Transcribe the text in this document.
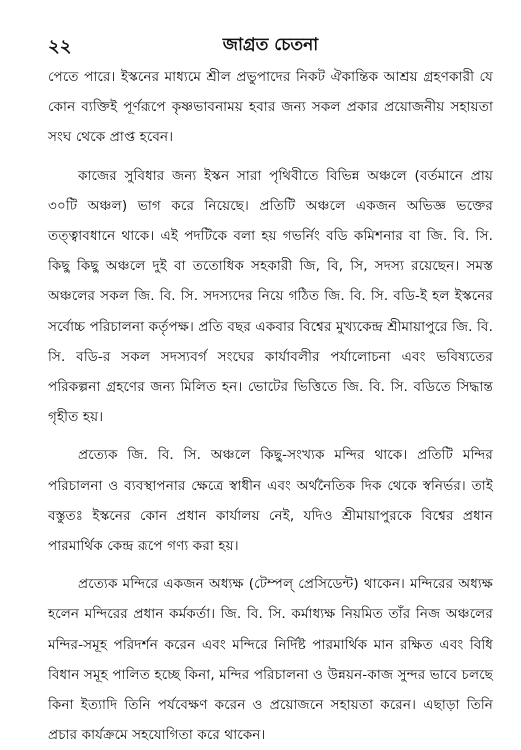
২২	জাগ্রত চেতনা

পেতে পারে। ইস্কনের মাধ্যমে শ্রীল প্রভুপাদের নিকট ঐকান্তিক আশ্রয় গ্রহণকারী যে কোন ব্যক্তিই পূর্ণরূপে কৃষ্ণভাবনাময় হবার জন্য সকল প্রকার প্রয়োজনীয় সহায়তা সংঘ থেকে প্রাপ্ত হবেন।

কাজের সুবিধার জন্য ইস্কন সারা পৃথিবীতে বিভিন্ন অঞ্চলে (বর্তমানে প্রায় ৩০টি অঞ্চল) ভাগ করে নিয়েছে। প্রতিটি অঞ্চলে একজন অভিজ্ঞ ভক্তের তত্ত্বাবধানে থাকে। এই পদটিকে বলা হয় গভর্নিং বডি কমিশনার বা জি. বি. সি. কিছু কিছু অঞ্চলে দুই বা ততোধিক সহকারী জি, বি, সি, সদস্য রয়েছেন। সমস্ত অঞ্চলের সকল জি. বি. সি. সদস্যদের নিয়ে গঠিত জি. বি. সি. বডি-ই হল ইস্কনের সর্বোচ্চ পরিচালনা কর্তৃপক্ষ। প্রতি বছর একবার বিশ্বের মুখ্যকেন্দ্র শ্রীমায়াপুরে জি. বি. সি. বডি-র সকল সদস্যবর্গ সংঘের কার্যাবলীর পর্যালোচনা এবং ভবিষ্যতের পরিকল্পনা গ্রহণের জন্য মিলিত হন। ভোটের ভিত্তিতে জি. বি. সি. বডিতে সিদ্ধান্ত গৃহীত হয়।

প্রত্যেক জি. বি. সি. অঞ্চলে কিছু-সংখ্যক মন্দির থাকে। প্রতিটি মন্দির পরিচালনা ও ব্যবস্থাপনার ক্ষেত্রে স্বাধীন এবং অর্থনৈতিক দিক থেকে স্বনির্ভর। তাই বস্তুতঃ ইস্কনের কোন প্রধান কার্যালয় নেই, যদিও শ্রীমায়াপুরকে বিশ্বের প্রধান পারমার্থিক কেন্দ্র রূপে গণ্য করা হয়।

প্রত্যেক মন্দিরে একজন অধ্যক্ষ (টেম্পল্ প্রেসিডেন্ট) থাকেন। মন্দিরের অধ্যক্ষ হলেন মন্দিরের প্রধান কর্মকর্তা। জি. বি. সি. কর্মাধ্যক্ষ নিয়মিত তাঁর নিজ অঞ্চলের মন্দির-সমূহ পরিদর্শন করেন এবং মন্দিরে নির্দিষ্ট পারমার্থিক মান রক্ষিত এবং বিধি বিধান সমূহ পালিত হচ্ছে কিনা, মন্দির পরিচালনা ও উন্নয়ন-কাজ সুন্দর ভাবে চলছে কিনা ইত্যাদি তিনি পর্যবেক্ষণ করেন ও প্রয়োজনে সহায়তা করেন। এছাড়া তিনি প্রচার কার্যক্রমে সহযোগিতা করে থাকেন।
